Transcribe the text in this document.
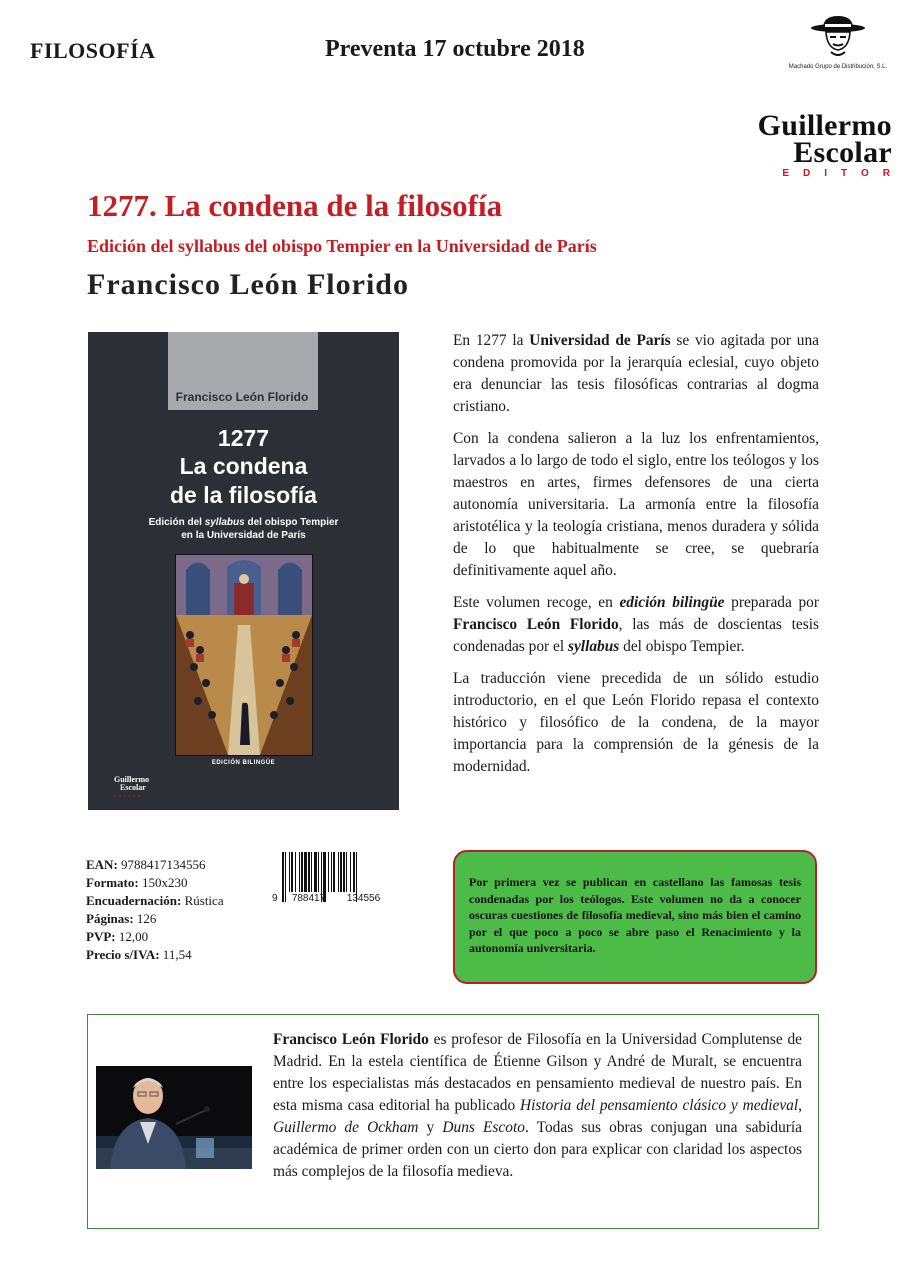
FILOSOFÍA	Preventa 17 octubre 2018
Machado Grupo de Distribución, S.L.
Guillermo
Escolar
EDITOR
1277. La condena de la filosofía
Edición del syllabus del obispo Tempier en la Universidad de París
Francisco León Florido
Francisco León Florido
1277
La condena
de la filosofía
Edición del syllabus del obispo Tempier
en la Universidad de París
EDICIÓN BILINGÜE
Guillermo
Escolar
EDITOR

En 1277 la Universidad de París se vio agitada por una condena promovida por la jerarquía eclesial, cuyo objeto era denunciar las tesis filosóficas contrarias al dogma cristiano.

Con la condena salieron a la luz los enfrentamientos, larvados a lo largo de todo el siglo, entre los teólogos y los maestros en artes, firmes defensores de una cierta autonomía universitaria. La armonía entre la filosofía aristotélica y la teología cristiana, menos duradera y sólida de lo que habitualmente se cree, se quebraría definitivamente aquel año.

Este volumen recoge, en edición bilingüe preparada por Francisco León Florido, las más de doscientas tesis condenadas por el syllabus del obispo Tempier.

La traducción viene precedida de un sólido estudio introductorio, en el que León Florido repasa el contexto histórico y filosófico de la condena, de la mayor importancia para la comprensión de la génesis de la modernidad.

EAN: 9788417134556
Formato: 150x230
Encuadernación: Rústica
Páginas: 126
PVP: 12,00
Precio s/IVA: 11,54
9 788417 134556
Por primera vez se publican en castellano las famosas tesis condenadas por los teólogos. Este volumen no da a conocer oscuras cuestiones de filosofía medieval, sino más bien el camino por el que poco a poco se abre paso el Renacimiento y la autonomía universitaria.
Francisco León Florido es profesor de Filosofía en la Universidad Complutense de Madrid. En la estela científica de Étienne Gilson y André de Muralt, se encuentra entre los especialistas más destacados en pensamiento medieval de nuestro país. En esta misma casa editorial ha publicado Historia del pensamiento clásico y medieval, Guillermo de Ockham y Duns Escoto. Todas sus obras conjugan una sabiduría académica de primer orden con un cierto don para explicar con claridad los aspectos más complejos de la filosofía medieva.
